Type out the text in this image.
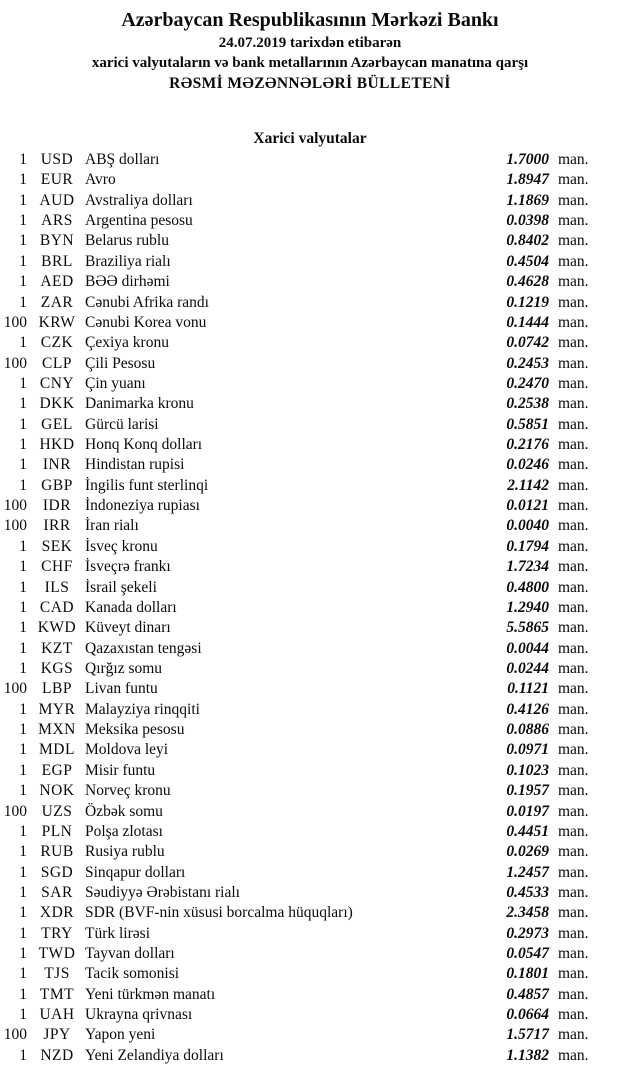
Azərbaycan Respublikasının Mərkəzi Bankı
24.07.2019 tarixdən etibarən
xarici valyutaların və bank metallarının Azərbaycan manatına qarşı
RƏSMİ MƏZƏNNƏLƏRİ BÜLLETENİ
Xarici valyutalar
1 USD ABŞ dolları	1.7000 man.
1 EUR Avro	1.8947 man.
1 AUD Avstraliya dolları	1.1869 man.
1 ARS Argentina pesosu	0.0398 man.
1 BYN Belarus rublu	0.8402 man.
1 BRL Braziliya rialı	0.4504 man.
1 AED BƏƏ dirhəmi	0.4628 man.
1 ZAR Cənubi Afrika randı	0.1219 man.
100 KRW Cənubi Korea vonu	0.1444 man.
1 CZK Çexiya kronu	0.0742 man.
100 CLP Çili Pesosu	0.2453 man.
1 CNY Çin yuanı	0.2470 man.
1 DKK Danimarka kronu	0.2538 man.
1 GEL Gürcü larisi	0.5851 man.
1 HKD Honq Konq dolları	0.2176 man.
1	INR Hindistan rupisi	0.0246 man.
1 GBP İngilis funt sterlinqi	2.1142 man.
100	IDR İndoneziya rupiası	0.0121 man.
100	IRR İran rialı	0.0040 man.
1 SEK İsveç kronu	0.1794 man.
1 CHF İsveçrə frankı	1.7234 man.
1	ILS	İsrail şekeli	0.4800 man.
1 CAD Kanada dolları	1.2940 man.
1 KWD Küveyt dinarı	5.5865 man.
1 KZT Qazaxıstan tengəsi	0.0044 man.
1 KGS Qırğız somu	0.0244 man.
100 LBP Livan funtu	0.1121 man.
1 MYR Malayziya rinqqiti	0.4126 man.
1 MXN Meksika pesosu	0.0886 man.
1 MDL Moldova leyi	0.0971 man.
1 EGP Misir funtu	0.1023 man.
1 NOK Norveç kronu	0.1957 man.
100 UZS Özbək somu	0.0197 man.
1 PLN Polşa zlotası	0.4451 man.
1 RUB Rusiya rublu	0.0269 man.
1 SGD Sinqapur dolları	1.2457 man.
1 SAR Səudiyyə Ərəbistanı rialı	0.4533 man.
1 XDR SDR (BVF-nin xüsusi borcalma hüquqları)	2.3458 man.
1 TRY Türk lirəsi	0.2973 man.
1 TWD Tayvan dolları	0.0547 man.
1	TJS Tacik somonisi	0.1801 man.
1 TMT Yeni türkmən manatı	0.4857 man.
1 UAH Ukrayna qrivnası	0.0664 man.
100	JPY Yapon yeni	1.5717 man.
1 NZD Yeni Zelandiya dolları	1.1382 man.
